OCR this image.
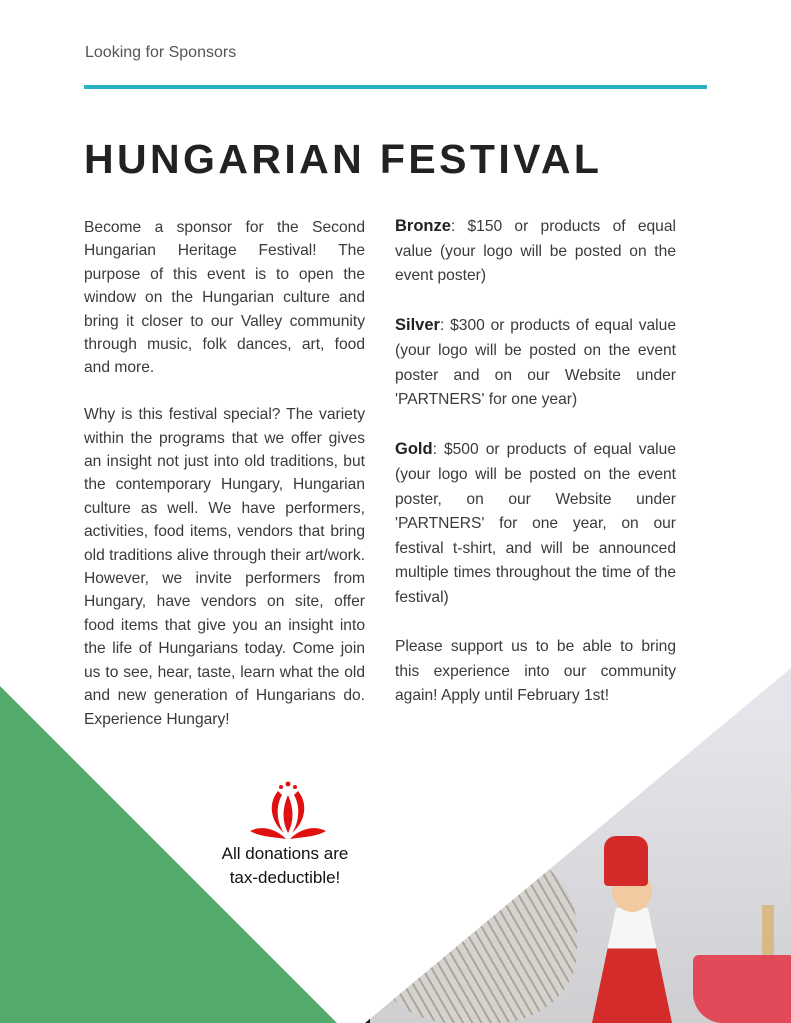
Looking for Sponsors
HUNGARIAN FESTIVAL

Become a sponsor for the Second Hungarian Heritage Festival! The purpose of this event is to open the window on the Hungarian culture and bring it closer to our Valley community through music, folk dances, art, food and more.

Why is this festival special? The variety within the programs that we offer gives an insight not just into old traditions, but the contemporary Hungary, Hungarian culture as well. We have performers, activities, food items, vendors that bring old traditions alive through their art/work. However, we invite performers from Hungary, have vendors on site, offer food items that give you an insight into the life of Hungarians today. Come join us to see, hear, taste, learn what the old and new generation of Hungarians do. Experience Hungary!

Bronze: $150 or products of equal value (your logo will be posted on the event poster)

Silver: $300 or products of equal value (your logo will be posted on the event poster and on our Website under 'PARTNERS' for one year)

Gold: $500 or products of equal value (your logo will be posted on the event poster, on our Website under 'PARTNERS' for one year, on our festival t-shirt, and will be announced multiple times throughout the time of the festival)

Please support us to be able to bring this experience into our community again! Apply until February 1st!

All donations are
tax-deductible!
